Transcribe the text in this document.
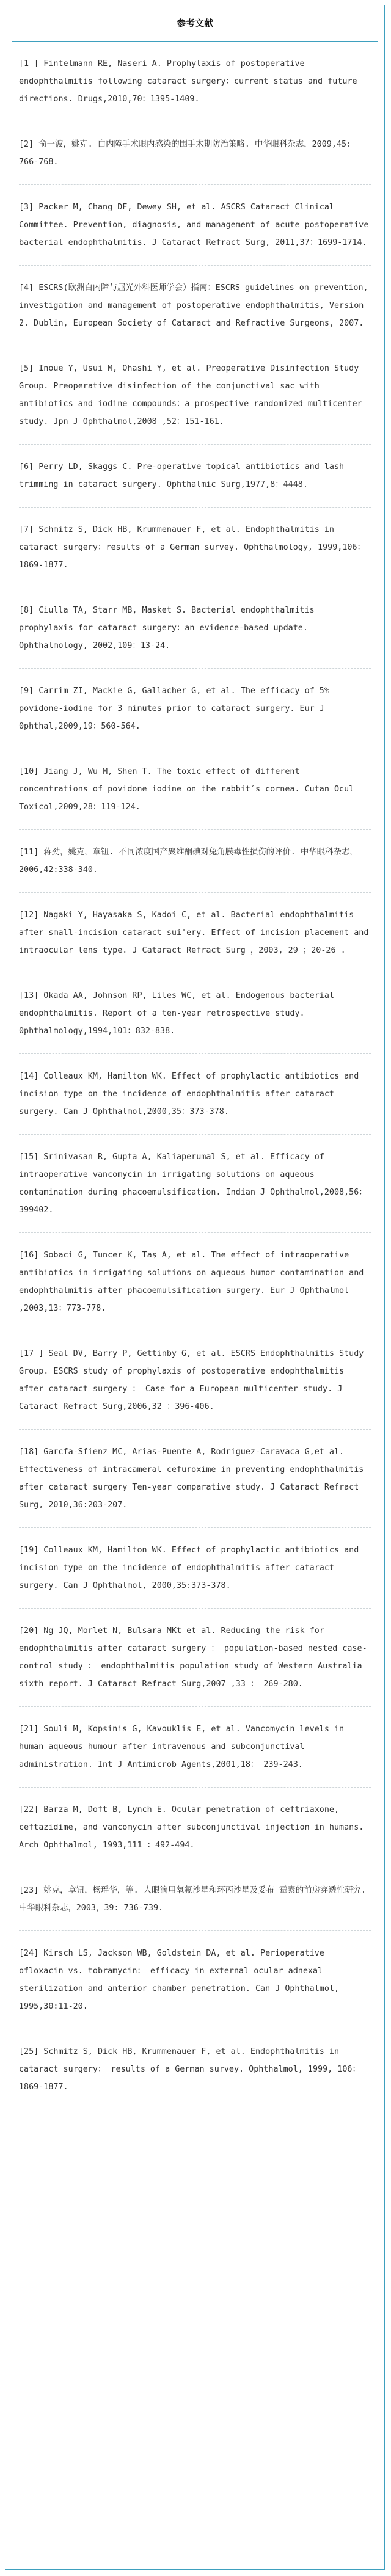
参考文献

[1 ] Fintelmann RE, Naseri A. Prophylaxis of postoperative endophthalmitis following cataract surgery：current status and future directions. Drugs,2010,70：1395-1409.

[2] 俞一波，姚克. 白内障手术眼内感染的围手术期防治策略. 中华眼科杂志，2009,45: 766-768.

[3] Packer M, Chang DF, Dewey SH, et al. ASCRS Cataract Clinical Committee. Prevention, diagnosis, and management of acute postoperative bacterial endophthalmitis. J Cataract Refract Surg, 2011,37：1699-1714.

[4] ESCRS(欧洲白内障与屈光外科医师学会）指南：ESCRS guidelines on prevention, investigation and management of postoperative endophthalmitis, Version 2. Dublin, European Society of Cataract and Refractive Surgeons, 2007.

[5] Inoue Y, Usui M, Ohashi Y, et al. Preoperative Disinfection Study Group. Preoperative disinfection of the conjunctival sac with antibiotics and iodine compounds：a prospective randomized multicenter study. Jpn J Ophthalmol,2008 ,52：151-161.

[6] Perry LD, Skaggs C. Pre-operative topical antibiotics and lash trimming in cataract surgery. Ophthalmic Surg,1977,8：4448.

[7] Schmitz S, Dick HB, Krummenauer F, et al. Endophthalmitis in cataract surgery：results of a German survey. Ophthalmology, 1999,106：1869-1877.

[8] Ciulla TA, Starr MB, Masket S. Bacterial endophthalmitis prophylaxis for cataract surgery：an evidence-based update. Ophthalmology, 2002,109：13-24.

[9] Carrim ZI, Mackie G, Gallacher G, et al. The efficacy of 5% povidone-iodine for 3 minutes prior to cataract surgery. Eur J 0phthal,2009,19：560-564.

[10] Jiang J, Wu M, Shen T. The toxic effect of different concentrations of povidone iodine on the rabbit′s cornea. Cutan Ocul Toxicol,2009,28：119-124.

[11] 蒋劲，姚克，章钮. 不同浓度国产聚维酮碘对兔角膜毒性损伤的评价. 中华眼科杂志，2006,42:338-340.

[12] Nagaki Y, Hayasaka S, Kadoi C, et al. Bacterial endophthalmitis after small-incision cataract sui'ery. Effect of incision placement and intraocular lens type. J Cataract Refract Surg ，2003, 29 ；20-26 .

[13] Okada AA, Johnson RP, Liles WC, et al. Endogenous bacterial endophthalmitis. Report of a ten-year retrospective study. 0phthalmology,1994,101：832-838.

[14] Colleaux KM, Hamilton WK. Effect of prophylactic antibiotics and incision type on the incidence of endophthalmitis after cataract surgery. Can J Ophthalmol,2000,35：373-378.

[15] Srinivasan R, Gupta A, Kaliaperumal S, et al. Efficacy of intraoperative vancomycin in irrigating solutions on aqueous contamination during phacoemulsification. Indian J Ophthalmol,2008,56：399402.

[16] Sobaci G, Tuncer K, Taş A, et al. The effect of intraoperative antibiotics in irrigating solutions on aqueous humor contamination and endophthalmitis after phacoemulsification surgery. Eur J Ophthalmol ,2003,13：773-778.

[17 ] Seal DV, Barry P, Gettinby G, et al. ESCRS Endophthalmitis Study Group. ESCRS study of prophylaxis of postoperative endophthalmitis after cataract surgery ： Case for a European multicenter study. J Cataract Refract Surg,2006,32 ：396-406.

[18] Garcfa-Sfienz MC, Arias-Puente A, Rodriguez-Caravaca G,et al. Effectiveness of intracameral cefuroxime in preventing endophthalmitis after cataract surgery Ten-year comparative study. J Cataract Refract Surg, 2010,36:203-207.

[19] Colleaux KM, Hamilton WK. Effect of prophylactic antibiotics and incision type on the incidence of endophthalmitis after cataract surgery. Can J Ophthalmol, 2000,35:373-378.

[20] Ng JQ, Morlet N, Bulsara MKt et al. Reducing the risk for endophthalmitis after cataract surgery ： population-based nested case-control study ： endophthalmitis population study of Western Australia sixth report. J Cataract Refract Surg,2007 ,33 ： 269-280.

[21] Souli M, Kopsinis G, Kavouklis E, et al. Vancomycin levels in human aqueous humour after intravenous and subconjunctival administration. Int J Antimicrob Agents,2001,18： 239-243.

[22] Barza M, Doft B, Lynch E. Ocular penetration of ceftriaxone, ceftazidime, and vancomycin after subconjunctival injection in humans. Arch Ophthalmol, 1993,111 ：492-494.

[23] 姚克，章钮，杨瑶华，等. 人眼滴用氧氟沙星和环丙沙星及妥布 霉素的前房穿透性研究. 中华眼科杂志，2003，39: 736-739.

[24] Kirsch LS, Jackson WB, Goldstein DA, et al. Perioperative ofloxacin vs. tobramycin： efficacy in external ocular adnexal sterilization and anterior chamber penetration. Can J Ophthalmol, 1995,30:11-20.

[25] Schmitz S, Dick HB, Krummenauer F, et al. Endophthalmitis in cataract surgery： results of a German survey. Ophthalmol, 1999, 106：1869-1877.
